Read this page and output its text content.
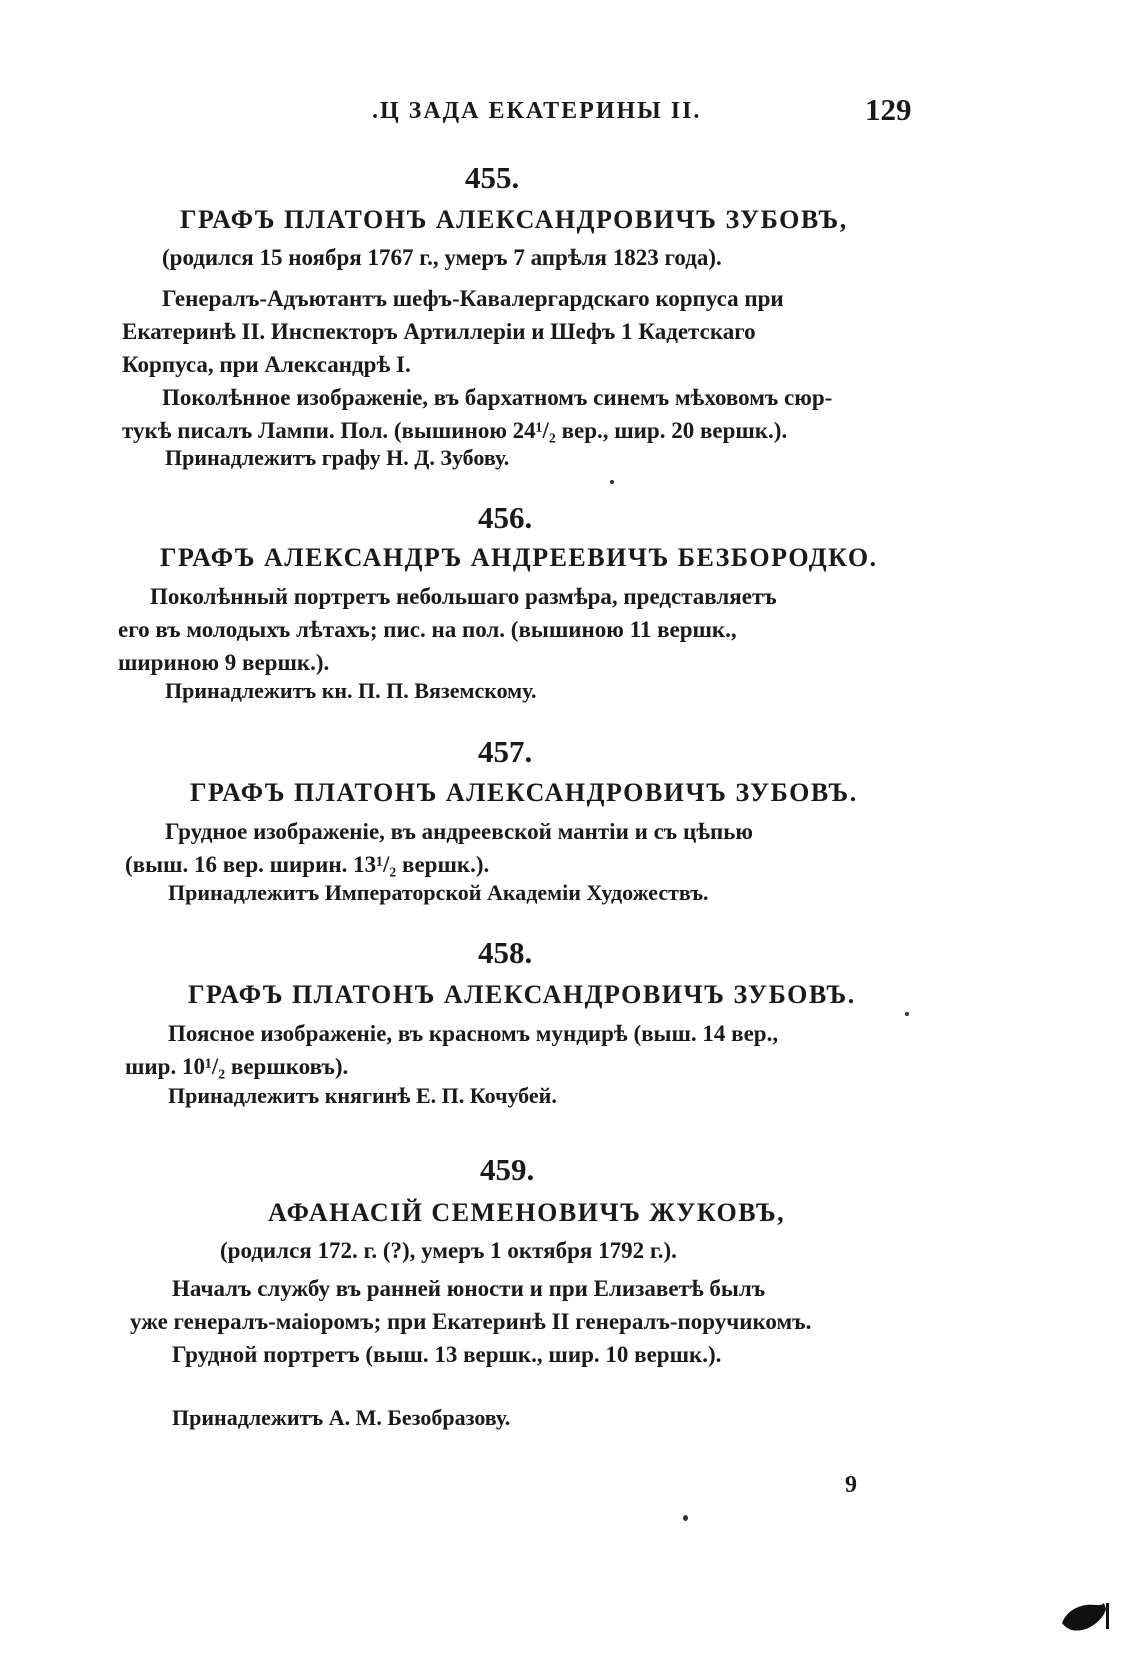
.Ц ЗАДА ЕКАТЕРИНЫ II.	129
455.
ГРАФЪ ПЛАТОНЪ АЛЕКСАНДРОВИЧЪ ЗУБОВЪ,
(родился 15 ноября 1767 г., умеръ 7 апрѣля 1823 года).
Генералъ-Адъютантъ шефъ-Кавалергардскаго корпуса при
Екатеринѣ II. Инспекторъ Артиллеріи и Шефъ 1 Кадетскаго
Корпуса, при Александрѣ I.
Поколѣнное изображеніе, въ бархатномъ синемъ мѣховомъ сюр-
тукѣ писалъ Лампи. Пол. (вышиною 24¹/₂ вер., шир. 20 вершк.).
Принадлежитъ графу Н. Д. Зубову.
456.
ГРАФЪ АЛЕКСАНДРЪ АНДРЕЕВИЧЪ БЕЗБОРОДКО.
Поколѣнный портретъ небольшаго размѣра, представляетъ
его въ молодыхъ лѣтахъ; пис. на пол. (вышиною 11 вершк.,
шириною 9 вершк.).
Принадлежитъ кн. П. П. Вяземскому.
457.
ГРАФЪ ПЛАТОНЪ АЛЕКСАНДРОВИЧЪ ЗУБОВЪ.
Грудное изображеніе, въ андреевской мантіи и съ цѣпью
(выш. 16 вер. ширин. 13¹/₂ вершк.).
Принадлежитъ Императорской Академіи Художествъ.
458.
ГРАФЪ ПЛАТОНЪ АЛЕКСАНДРОВИЧЪ ЗУБОВЪ.
Поясное изображеніе, въ красномъ мундирѣ (выш. 14 вер.,
шир. 10¹/₂ вершковъ).
Принадлежитъ княгинѣ Е. П. Кочубей.
459.
АФАНАСІЙ СЕМЕНОВИЧЪ ЖУКОВЪ,
(родился 172. г. (?), умеръ 1 октября 1792 г.).
Началъ службу въ ранней юности и при Елизаветѣ былъ
уже генералъ-маіоромъ; при Екатеринѣ II генералъ-поручикомъ.
Грудной портретъ (выш. 13 вершк., шир. 10 вершк.).
Принадлежитъ А. М. Безобразову.
9
